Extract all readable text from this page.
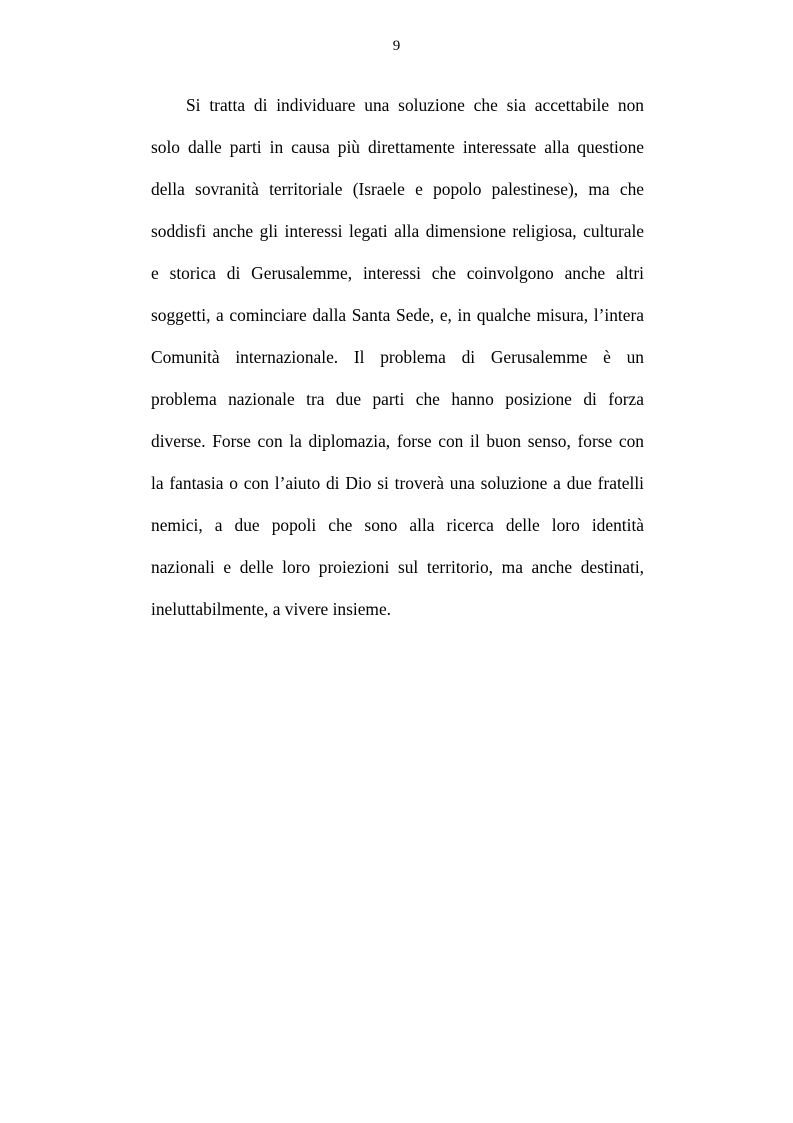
9
Si tratta di individuare una soluzione che sia accettabile non
solo dalle parti in causa più direttamente interessate alla questione
della sovranità territoriale (Israele e popolo palestinese), ma che
soddisfi anche gli interessi legati alla dimensione religiosa, culturale
e storica di Gerusalemme, interessi che coinvolgono anche altri
soggetti, a cominciare dalla Santa Sede, e, in qualche misura, l’intera
Comunità internazionale. Il problema di Gerusalemme è un
problema nazionale tra due parti che hanno posizione di forza
diverse. Forse con la diplomazia, forse con il buon senso, forse con
la fantasia o con l’aiuto di Dio si troverà una soluzione a due fratelli
nemici, a due popoli che sono alla ricerca delle loro identità
nazionali e delle loro proiezioni sul territorio, ma anche destinati,
ineluttabilmente, a vivere insieme.
